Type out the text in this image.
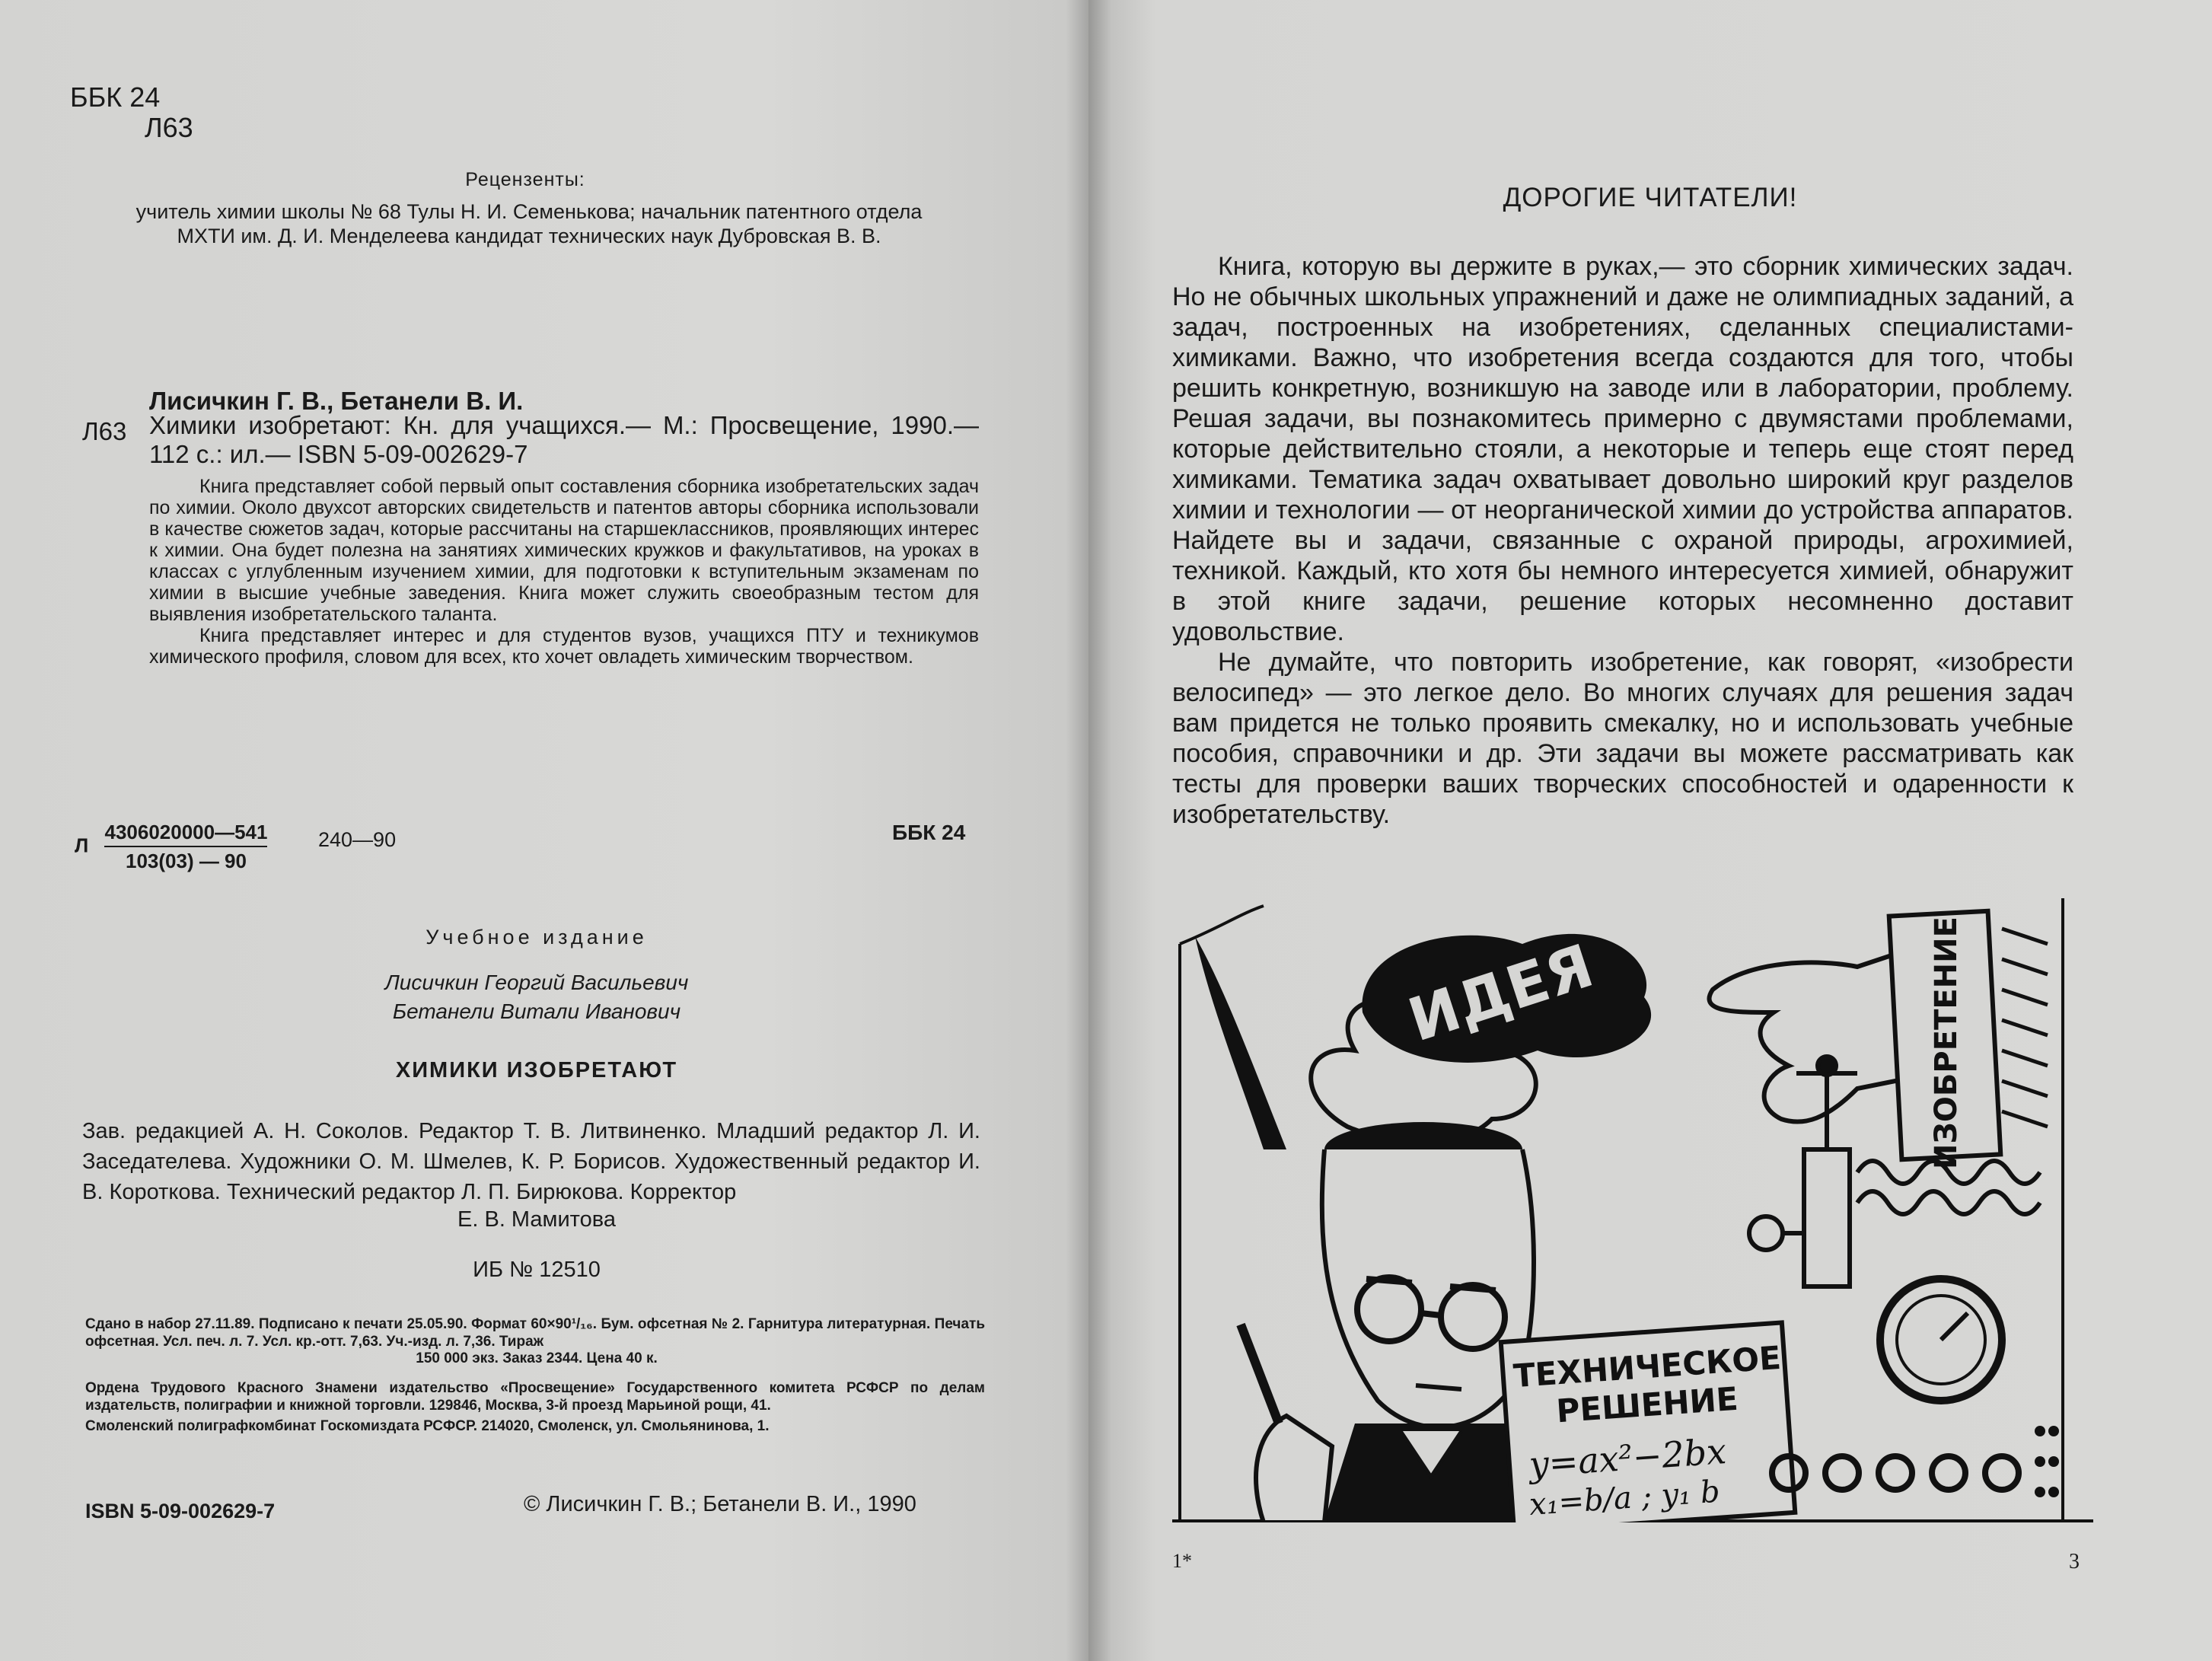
ББК 24
Л63
Рецензенты:
учитель химии школы № 68 Тулы Н. И. Семенькова; начальник патентного отдела МХТИ им. Д. И. Менделеева кандидат технических наук Дубровская В. В.
Лисичкин Г. В., Бетанели В. И.
Л63 Химики изобретают: Кн. для учащихся.— М.: Просвещение, 1990.—112 с.: ил.— ISBN 5-09-002629-7

Книга представляет собой первый опыт составления сборника изобретательских задач по химии. Около двухсот авторских свидетельств и патентов авторы сборника использовали в качестве сюжетов задач, которые рассчитаны на старшеклассников, проявляющих интерес к химии. Она будет полезна на занятиях химических кружков и факультативов, на уроках в классах с углубленным изучением химии, для подготовки к вступительным экзаменам по химии в высшие учебные заведения. Книга может служить своеобразным тестом для выявления изобретательского таланта.

Книга представляет интерес и для студентов вузов, учащихся ПТУ и техникумов химического профиля, словом для всех, кто хочет овладеть химическим творчеством.

Л $\frac{4306020000—541}{103(03) — 90}$ 240—90	ББК 24
Учебное издание
Лисичкин Георгий Васильевич
Бетанели Витали Иванович
ХИМИКИ ИЗОБРЕТАЮТ
Зав. редакцией А. Н. Соколов. Редактор Т. В. Литвиненко. Младший редактор Л. И. Заседателева. Художники О. М. Шмелев, К. Р. Борисов. Художественный редактор И. В. Короткова. Технический редактор Л. П. Бирюкова. Корректор
Е. В. Мамитова
ИБ № 12510
Сдано в набор 27.11.89. Подписано к печати 25.05.90. Формат 60×90¹/₁₆. Бум. офсетная № 2. Гарнитура литературная. Печать офсетная. Усл. печ. л. 7. Усл. кр.-отт. 7,63. Уч.-изд. л. 7,36. Тираж
150 000 экз. Заказ 2344. Цена 40 к.
Ордена Трудового Красного Знамени издательство «Просвещение» Государственного комитета РСФСР по делам издательств, полиграфии и книжной торговли. 129846, Москва, 3-й проезд Марьиной рощи, 41.
Смоленский полиграфкомбинат Госкомиздата РСФСР. 214020, Смоленск, ул. Смольянинова, 1.
ISBN 5-09-002629-7	© Лисичкин Г. В.; Бетанели В. И., 1990
ДОРОГИЕ ЧИТАТЕЛИ!

Книга, которую вы держите в руках,— это сборник химических задач. Но не обычных школьных упражнений и даже не олимпиадных заданий, а задач, построенных на изобретениях, сделанных специалистами-химиками. Важно, что изобретения всегда создаются для того, чтобы решить конкретную, возникшую на заводе или в лаборатории, проблему. Решая задачи, вы познакомитесь примерно с двумястами проблемами, которые действительно стояли, а некоторые и теперь еще стоят перед химиками. Тематика задач охватывает довольно широкий круг разделов химии и технологии — от неорганической химии до устройства аппаратов. Найдете вы и задачи, связанные с охраной природы, агрохимией, техникой. Каждый, кто хотя бы немного интересуется химией, обнаружит в этой книге задачи, решение которых несомненно доставит удовольствие.

Не думайте, что повторить изобретение, как говорят, «изобрести велосипед» — это легкое дело. Во многих случаях для решения задач вам придется не только проявить смекалку, но и использовать учебные пособия, справочники и др. Эти задачи вы можете рассматривать как тесты для проверки ваших творческих способностей и одаренности к изобретательству.

ИДЕЯ	ИЗОБРЕТЕНИЕ
ТЕХНИЧЕСКОЕ
РЕШЕНИЕ
y=ax²−2bx
x₁=b/a ; y₁ b
1*	3
